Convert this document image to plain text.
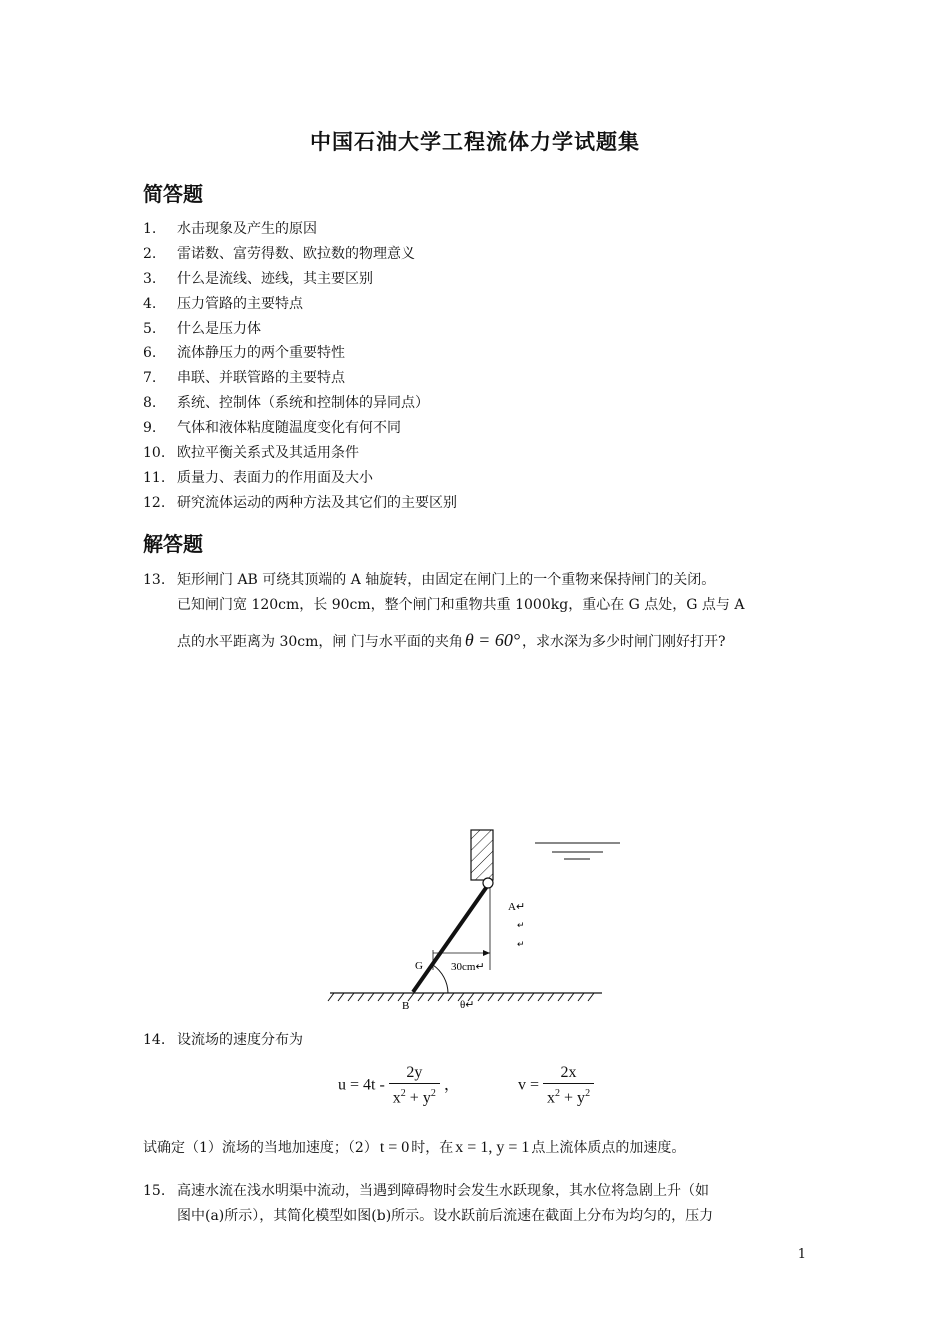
中国石油大学工程流体力学试题集
简答题
1. 水击现象及产生的原因
2. 雷诺数、富劳得数、欧拉数的物理意义
3. 什么是流线、迹线，其主要区别
4. 压力管路的主要特点
5. 什么是压力体
6. 流体静压力的两个重要特性
7. 串联、并联管路的主要特点
8. 系统、控制体（系统和控制体的异同点）
9. 气体和液体粘度随温度变化有何不同
10. 欧拉平衡关系式及其适用条件
11. 质量力、表面力的作用面及大小
12. 研究流体运动的两种方法及其它们的主要区别
解答题
13. 矩形闸门 AB 可绕其顶端的 A 轴旋转，由固定在闸门上的一个重物来保持闸门的关闭。
已知闸门宽 120cm，长 90cm，整个闸门和重物共重 1000kg，重心在 G 点处，G 点与 A
点的水平距离为 30cm，闸 门与水平面的夹角 θ = 60° ，求水深为多少时闸门刚好打开?
A↵
↵
↵
G	30cm↵
B	θ↵
14. 设流场的速度分布为
$u = 4t - \frac{2y}{x^2 + y^2}$ ，	$v = \frac{2x}{x^2 + y^2}$
试确定（1）流场的当地加速度；（2） t = 0 时，在 x = 1, y = 1 点上流体质点的加速度。
15. 高速水流在浅水明渠中流动，当遇到障碍物时会发生水跃现象，其水位将急剧上升（如
图中(a)所示），其简化模型如图(b)所示。设水跃前后流速在截面上分布为均匀的，压力
1
